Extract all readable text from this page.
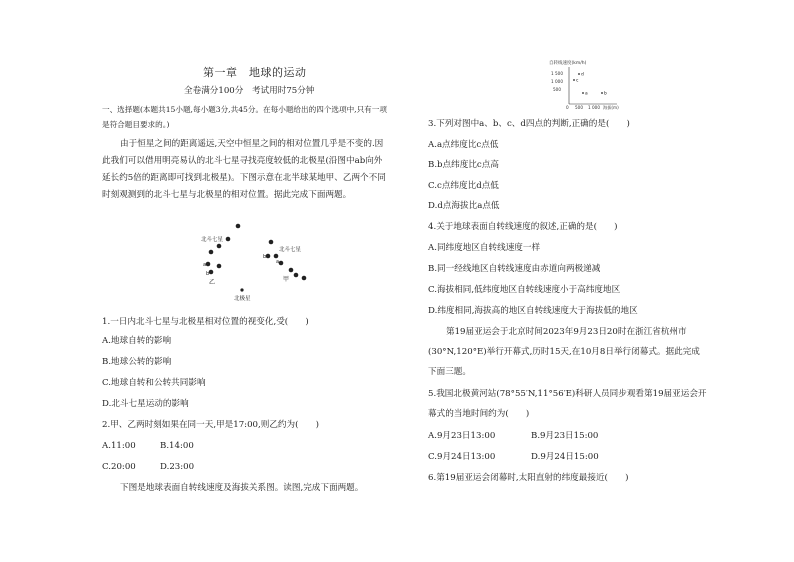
第一章　地球的运动
全卷满分100分　考试用时75分钟
一、选择题(本题共15小题,每小题3分,共45分。在每小题给出的四个选项中,只有一项
是符合题目要求的。)
由于恒星之间的距离遥远,天空中恒星之间的相对位置几乎是不变的.因
此我们可以借用明亮易认的北斗七星寻找亮度较低的北极星(沿图中ab向外
延长约5倍的距离即可找到北极星)。下图示意在北半球某地甲、乙两个不同
时刻观测到的北斗七星与北极星的相对位置。据此完成下面两题。
北斗七星
a
b
乙
北斗七星
b
a
甲
北极星
1.一日内北斗七星与北极星相对位置的视变化,受(　　)
A.地球自转的影响
B.地球公转的影响
C.地球自转和公转共同影响
D.北斗七星运动的影响
2.甲、乙两时刻如果在同一天,甲是17:00,则乙约为(　　)
A.11:00	B.14:00
C.20:00	D.23:00
下图是地球表面自转线速度及海拔关系图。读图,完成下面两题。
自转线速度(km/h)
1 500
1 000
500
0 500 1 000 海拔(m)
d
c
a	b
3.下列对图中a、b、c、d四点的判断,正确的是(　　)
A.a点纬度比c点低
B.b点纬度比c点高
C.c点纬度比d点低
D.d点海拔比a点低
4.关于地球表面自转线速度的叙述,正确的是(　　)
A.同纬度地区自转线速度一样
B.同一经线地区自转线速度由赤道向两极递减
C.海拔相同,低纬度地区自转线速度小于高纬度地区
D.纬度相同,海拔高的地区自转线速度大于海拔低的地区
第19届亚运会于北京时间2023年9月23日20时在浙江省杭州市
(30°N,120°E)举行开幕式,历时15天,在10月8日举行闭幕式。据此完成
下面三题。
5.我国北极黄河站(78°55′N,11°56′E)科研人员同步观看第19届亚运会开
幕式的当地时间约为(　　)
A.9月23日13:00	B.9月23日15:00
C.9月24日13:00	D.9月24日15:00
6.第19届亚运会闭幕时,太阳直射的纬度最接近(　　)
